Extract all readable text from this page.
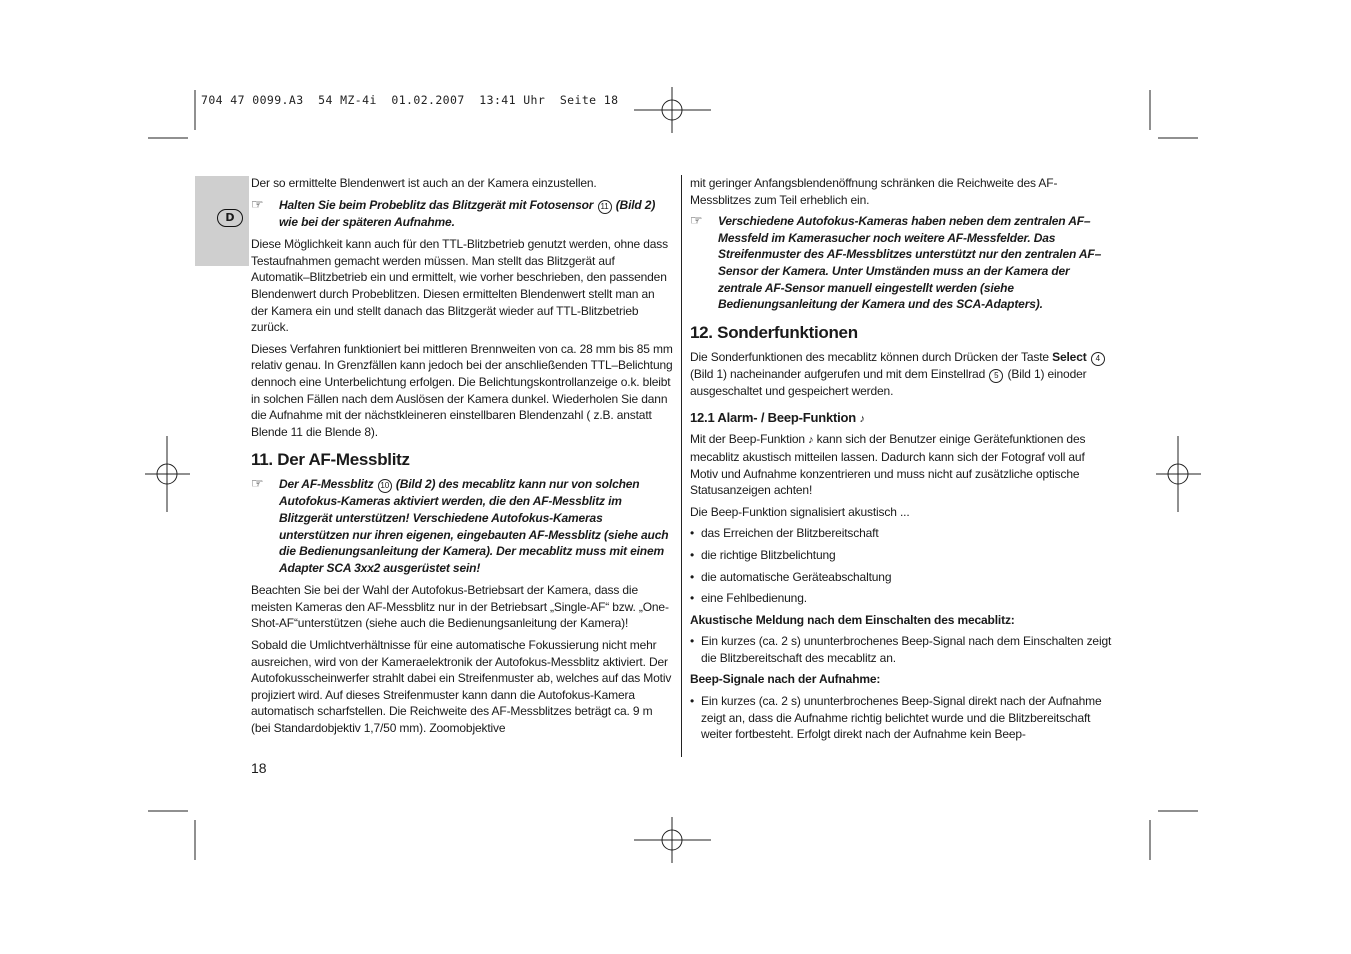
704 47 0099.A3  54 MZ-4i  01.02.2007  13:41 Uhr  Seite 18
D

Der so ermittelte Blendenwert ist auch an der Kamera einzustellen.

☞ Halten Sie beim Probeblitz das Blitzgerät mit Fotosensor 11 (Bild 2) wie bei der späteren Aufnahme.

Diese Möglichkeit kann auch für den TTL-Blitzbetrieb genutzt werden, ohne dass Testaufnahmen gemacht werden müssen. Man stellt das Blitzgerät auf Automatik–Blitzbetrieb ein und ermittelt, wie vorher beschrieben, den passenden Blendenwert durch Probeblitzen. Diesen ermittelten Blendenwert stellt man an der Kamera ein und stellt danach das Blitzgerät wieder auf TTL-Blitzbetrieb zurück.

Dieses Verfahren funktioniert bei mittleren Brennweiten von ca. 28 mm bis 85 mm relativ genau. In Grenzfällen kann jedoch bei der anschließenden TTL–Belichtung dennoch eine Unterbelichtung erfolgen. Die Belichtungskontrollanzeige o.k. bleibt in solchen Fällen nach dem Auslösen der Kamera dunkel. Wiederholen Sie dann die Aufnahme mit der nächstkleineren einstellbaren Blendenzahl ( z.B. anstatt Blende 11 die Blende 8).

11. Der AF-Messblitz
☞ Der AF-Messblitz 10 (Bild 2) des mecablitz kann nur von solchen Autofokus-Kameras aktiviert werden, die den AF-Messblitz im Blitzgerät unterstützen! Verschiedene Autofokus-Kameras unterstützen nur ihren eigenen, eingebauten AF-Messblitz (siehe auch die Bedienungsanleitung der Kamera). Der mecablitz muss mit einem Adapter SCA 3xx2 ausgerüstet sein!

Beachten Sie bei der Wahl der Autofokus-Betriebsart der Kamera, dass die meisten Kameras den AF-Messblitz nur in der Betriebsart „Single-AF“ bzw. „One-Shot-AF“unterstützen (siehe auch die Bedienungsanleitung der Kamera)!

Sobald die Umlichtverhältnisse für eine automatische Fokussierung nicht mehr ausreichen, wird von der Kameraelektronik der Autofokus-Messblitz aktiviert. Der Autofokusscheinwerfer strahlt dabei ein Streifenmuster ab, welches auf das Motiv projiziert wird. Auf dieses Streifenmuster kann dann die Autofokus-Kamera automatisch scharfstellen. Die Reichweite des AF-Messblitzes beträgt ca. 9 m (bei Standardobjektiv 1,7/50 mm). Zoomobjektive

mit geringer Anfangsblendenöffnung schränken die Reichweite des AF-Messblitzes zum Teil erheblich ein.

☞ Verschiedene Autofokus-Kameras haben neben dem zentralen AF–Messfeld im Kamerasucher noch weitere AF-Messfelder. Das Streifenmuster des AF-Messblitzes unterstützt nur den zentralen AF–Sensor der Kamera. Unter Umständen muss an der Kamera der zentrale AF-Sensor manuell eingestellt werden (siehe Bedienungsanleitung der Kamera und des SCA-Adapters).
12. Sonderfunktionen

Die Sonderfunktionen des mecablitz können durch Drücken der Taste Select 4 (Bild 1) nacheinander aufgerufen und mit dem Einstellrad 5 (Bild 1) einoder ausgeschaltet und gespeichert werden.

12.1 Alarm- / Beep-Funktion ♪

Mit der Beep-Funktion ♪ kann sich der Benutzer einige Gerätefunktionen des mecablitz akustisch mitteilen lassen. Dadurch kann sich der Fotograf voll auf Motiv und Aufnahme konzentrieren und muss nicht auf zusätzliche optische Statusanzeigen achten!

Die Beep-Funktion signalisiert akustisch ...

• das Erreichen der Blitzbereitschaft
• die richtige Blitzbelichtung
• die automatische Geräteabschaltung
• eine Fehlbedienung.

Akustische Meldung nach dem Einschalten des mecablitz:

• Ein kurzes (ca. 2 s) ununterbrochenes Beep-Signal nach dem Einschalten zeigt die Blitzbereitschaft des mecablitz an.

Beep-Signale nach der Aufnahme:

• Ein kurzes (ca. 2 s) ununterbrochenes Beep-Signal direkt nach der Aufnahme zeigt an, dass die Aufnahme richtig belichtet wurde und die Blitzbereitschaft weiter fortbesteht. Erfolgt direkt nach der Aufnahme kein Beep-
18
